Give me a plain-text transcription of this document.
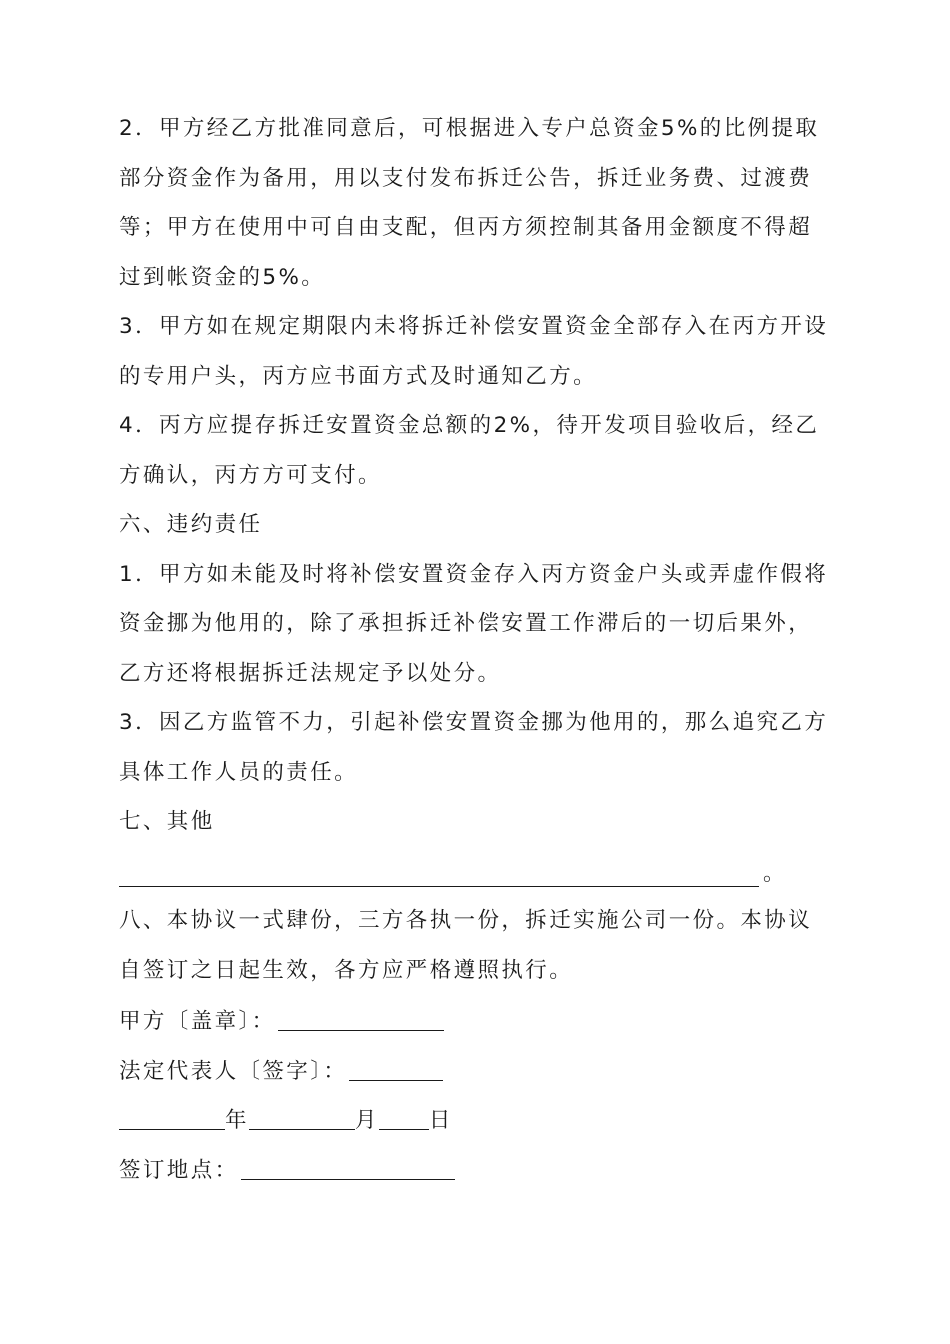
2．甲方经乙方批准同意后，可根据进入专户总资金5%的比例提取
部分资金作为备用，用以支付发布拆迁公告，拆迁业务费、过渡费
等；甲方在使用中可自由支配，但丙方须控制其备用金额度不得超
过到帐资金的5%。
3．甲方如在规定期限内未将拆迁补偿安置资金全部存入在丙方开设
的专用户头，丙方应书面方式及时通知乙方。
4．丙方应提存拆迁安置资金总额的2%，待开发项目验收后，经乙
方确认，丙方方可支付。
六、违约责任
1．甲方如未能及时将补偿安置资金存入丙方资金户头或弄虚作假将
资金挪为他用的，除了承担拆迁补偿安置工作滞后的一切后果外，
乙方还将根据拆迁法规定予以处分。
3．因乙方监管不力，引起补偿安置资金挪为他用的，那么追究乙方
具体工作人员的责任。
七、其他
。
八、本协议一式肆份，三方各执一份，拆迁实施公司一份。本协议
自签订之日起生效，各方应严格遵照执行。
甲方〔盖章〕：
法定代表人〔签字〕：
年	月 日
签订地点：
